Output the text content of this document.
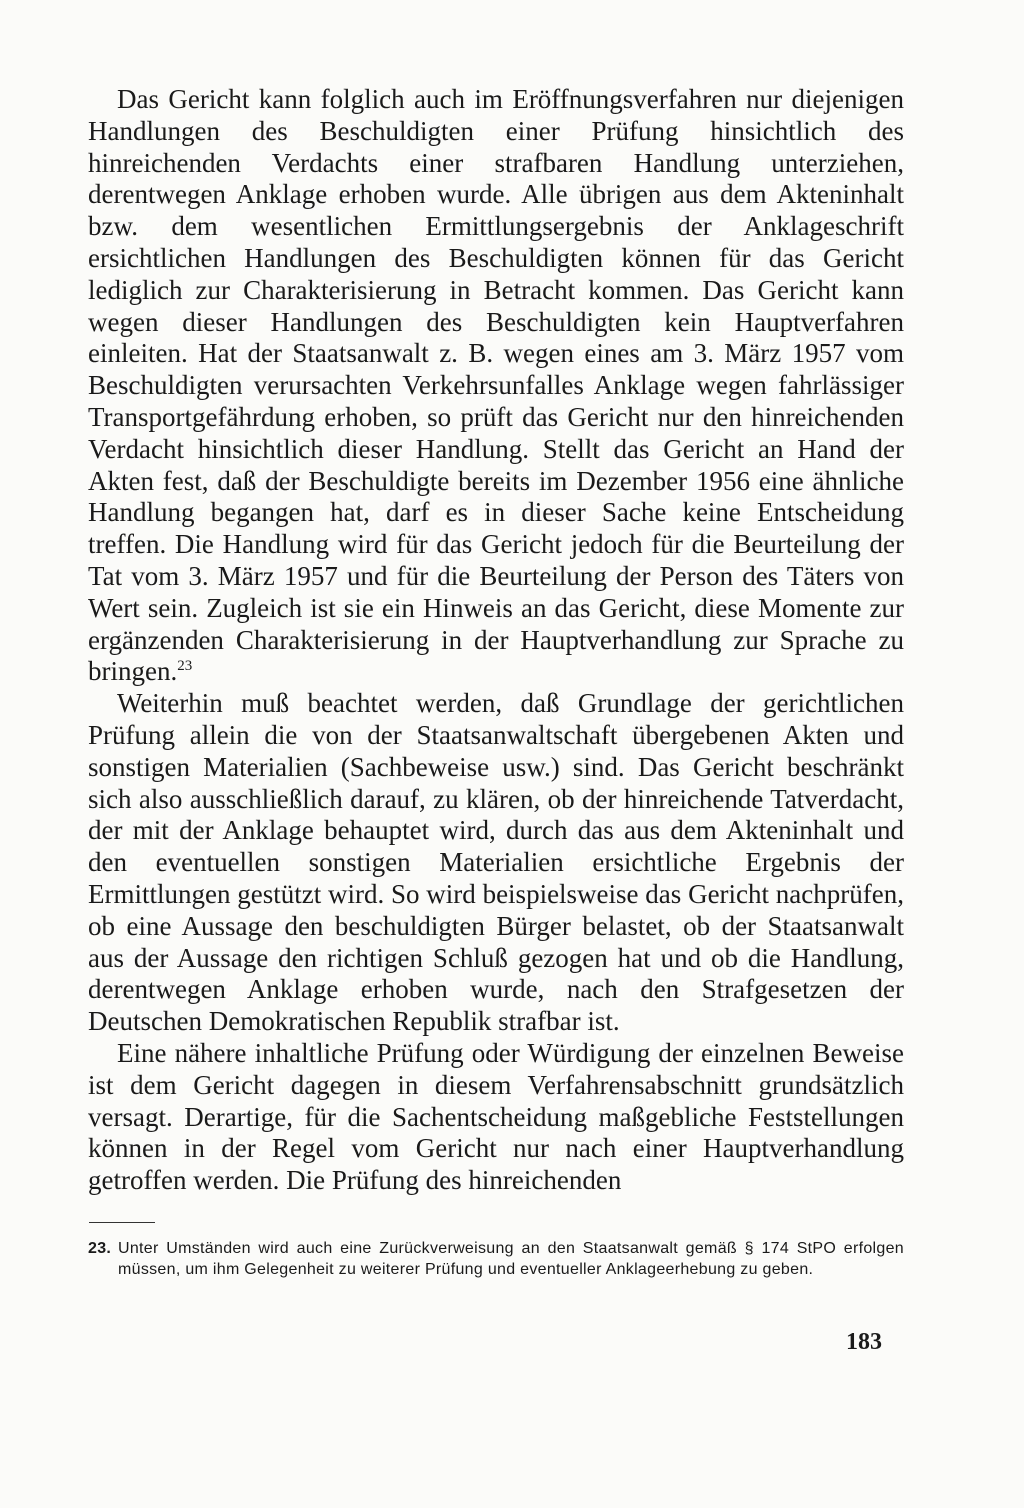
Das Gericht kann folglich auch im Eröffnungsverfahren nur diejenigen Handlungen des Beschuldigten einer Prüfung hinsichtlich des hinreichenden Verdachts einer strafbaren Handlung unterziehen, derentwegen Anklage erhoben wurde. Alle übrigen aus dem Akteninhalt bzw. dem wesentlichen Ermittlungsergebnis der Anklageschrift ersichtlichen Handlungen des Beschuldigten können für das Gericht lediglich zur Charakterisierung in Betracht kommen. Das Gericht kann wegen dieser Handlungen des Beschuldigten kein Hauptverfahren einleiten. Hat der Staatsanwalt z. B. wegen eines am 3. März 1957 vom Beschuldigten verursachten Verkehrsunfalles Anklage wegen fahrlässiger Transportgefährdung erhoben, so prüft das Gericht nur den hinreichenden Verdacht hinsichtlich dieser Handlung. Stellt das Gericht an Hand der Akten fest, daß der Beschuldigte bereits im Dezember 1956 eine ähnliche Handlung begangen hat, darf es in dieser Sache keine Entscheidung treffen. Die Handlung wird für das Gericht jedoch für die Beurteilung der Tat vom 3. März 1957 und für die Beurteilung der Person des Täters von Wert sein. Zugleich ist sie ein Hinweis an das Gericht, diese Momente zur ergänzenden Charakterisierung in der Hauptverhandlung zur Sprache zu bringen.$^{23}$

Weiterhin muß beachtet werden, daß Grundlage der gerichtlichen Prüfung allein die von der Staatsanwaltschaft übergebenen Akten und sonstigen Materialien (Sachbeweise usw.) sind. Das Gericht beschränkt sich also ausschließlich darauf, zu klären, ob der hinreichende Tatverdacht, der mit der Anklage behauptet wird, durch das aus dem Akteninhalt und den eventuellen sonstigen Materialien ersichtliche Ergebnis der Ermittlungen gestützt wird. So wird beispielsweise das Gericht nachprüfen, ob eine Aussage den beschuldigten Bürger belastet, ob der Staatsanwalt aus der Aussage den richtigen Schluß gezogen hat und ob die Handlung, derentwegen Anklage erhoben wurde, nach den Strafgesetzen der Deutschen Demokratischen Republik strafbar ist.

Eine nähere inhaltliche Prüfung oder Würdigung der einzelnen Beweise ist dem Gericht dagegen in diesem Verfahrensabschnitt grundsätzlich versagt. Derartige, für die Sachentscheidung maßgebliche Feststellungen können in der Regel vom Gericht nur nach einer Hauptverhandlung getroffen werden. Die Prüfung des hinreichenden

23. Unter Umständen wird auch eine Zurückverweisung an den Staatsanwalt gemäß § 174 StPO erfolgen müssen, um ihm Gelegenheit zu weiterer Prüfung und eventueller Anklageerhebung zu geben.
183
